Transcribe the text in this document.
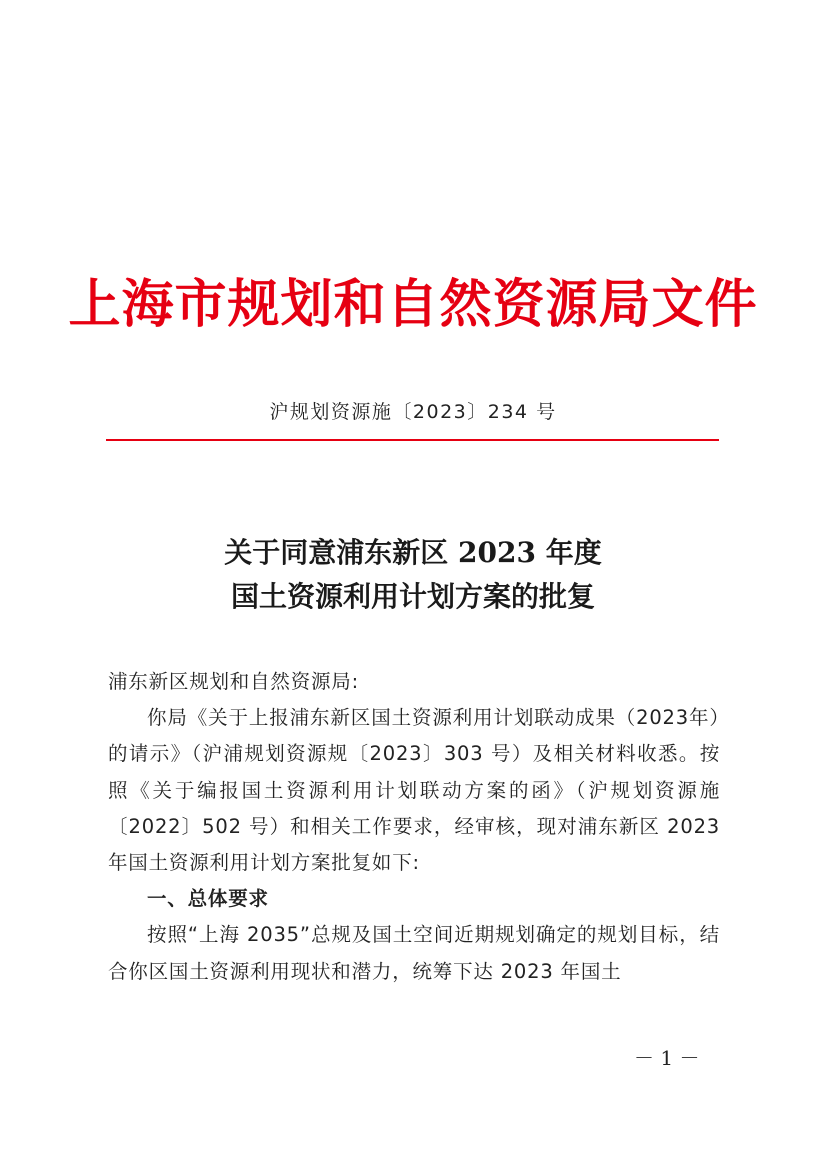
上海市规划和自然资源局文件
沪规划资源施〔2023〕234 号
关于同意浦东新区 2023 年度
国土资源利用计划方案的批复

浦东新区规划和自然资源局:

你局《关于上报浦东新区国土资源利用计划联动成果（2023年）的请示》（沪浦规划资源规〔2023〕303 号）及相关材料收悉。按照《关于编报国土资源利用计划联动方案的函》（沪规划资源施〔2022〕502 号）和相关工作要求，经审核，现对浦东新区 2023 年国土资源利用计划方案批复如下:

一、总体要求

按照“上海 2035”总规及国土空间近期规划确定的规划目标，结合你区国土资源利用现状和潜力，统筹下达 2023 年国土

－ 1 －
